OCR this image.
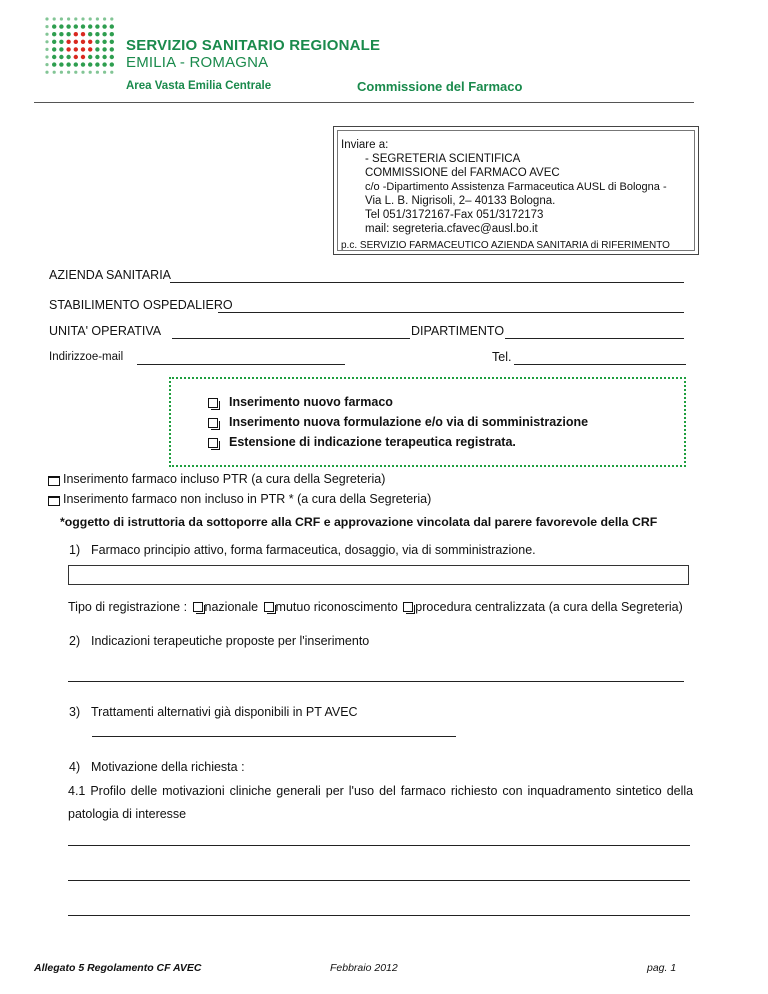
SERVIZIO SANITARIO REGIONALE
EMILIA - ROMAGNA
Area Vasta Emilia Centrale	Commissione del Farmaco
Inviare a:
- SEGRETERIA SCIENTIFICA
COMMISSIONE del FARMACO AVEC
c/o -Dipartimento Assistenza Farmaceutica AUSL di Bologna -
Via L. B. Nigrisoli, 2– 40133 Bologna.
Tel 051/3172167-Fax 051/3172173
mail: segreteria.cfavec@ausl.bo.it
p.c. SERVIZIO FARMACEUTICO AZIENDA SANITARIA di RIFERIMENTO
AZIENDA SANITARIA
STABILIMENTO OSPEDALIERO
UNITA' OPERATIVA	DIPARTIMENTO
Indirizzoe-mail	Tel.
Inserimento nuovo farmaco
Inserimento nuova formulazione e/o via di somministrazione
Estensione di indicazione terapeutica registrata.
Inserimento farmaco incluso PTR (a cura della Segreteria)
Inserimento farmaco non incluso in PTR * (a cura della Segreteria)
*oggetto di istruttoria da sottoporre alla CRF e approvazione vincolata dal parere favorevole della CRF
1) Farmaco principio attivo, forma farmaceutica, dosaggio, via di somministrazione.
Tipo di registrazione : nazionale mutuo riconoscimento procedura centralizzata (a cura della Segreteria)
2) Indicazioni terapeutiche proposte per l'inserimento
3) Trattamenti alternativi già disponibili in PT AVEC
4) Motivazione della richiesta :
4.1 Profilo delle motivazioni cliniche generali per l'uso del farmaco richiesto con inquadramento sintetico della
patologia di interesse
Allegato 5 Regolamento CF AVEC	Febbraio 2012	pag. 1
